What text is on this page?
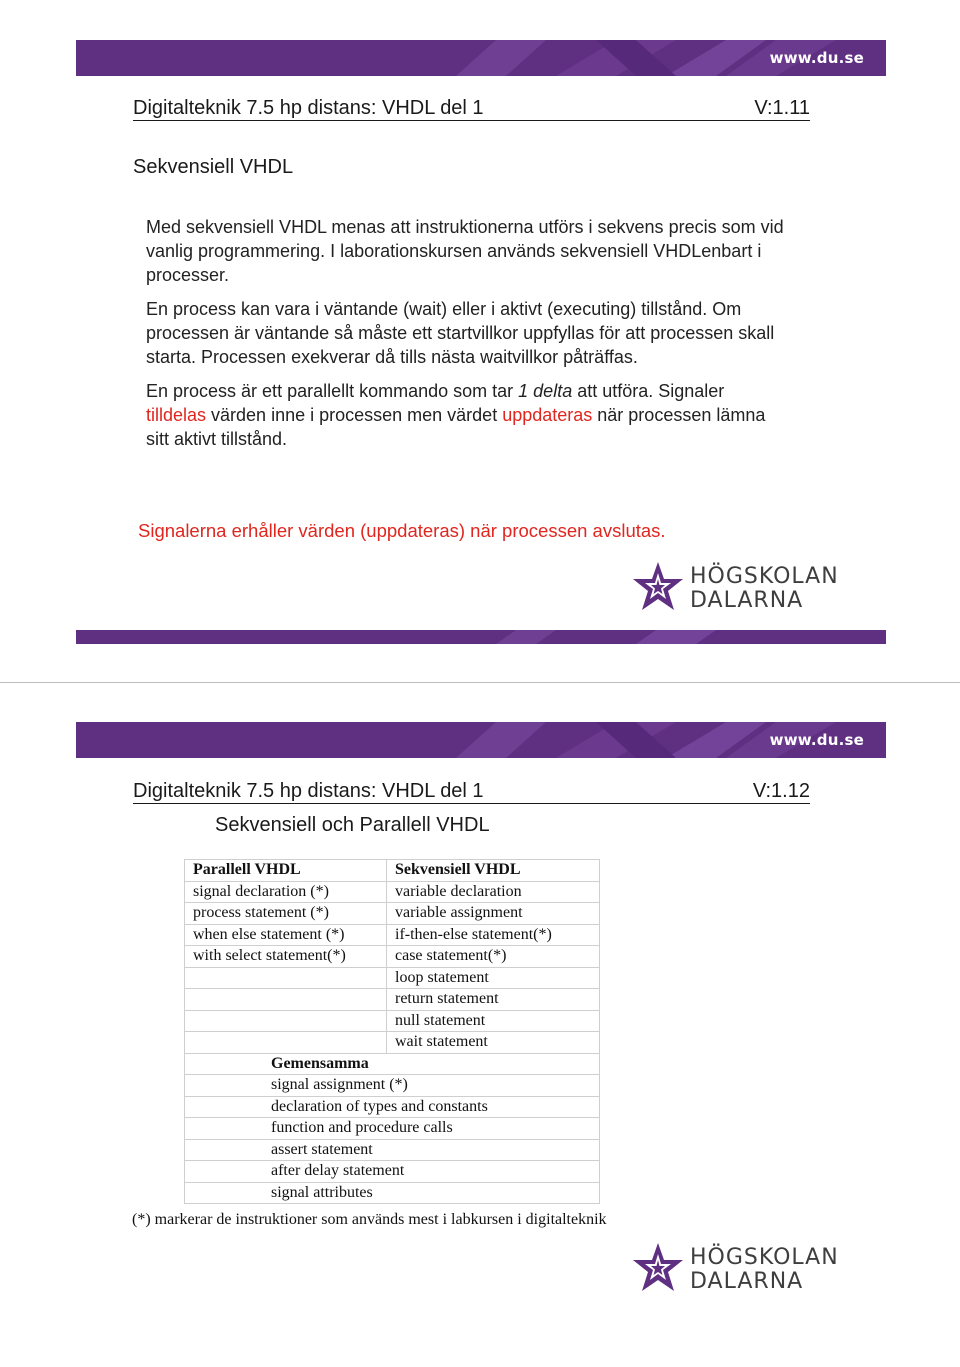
www.du.se
Digitalteknik 7.5 hp distans: VHDL del 1	V:1.11
Sekvensiell VHDL

Med sekvensiell VHDL menas att instruktionerna utförs i sekvens precis som vid vanlig programmering. I laborationskursen används sekvensiell VHDLenbart i processer.

En process kan vara i väntande (wait) eller i aktivt (executing) tillstånd. Om processen är väntande så måste ett startvillkor uppfyllas för att processen skall starta. Processen exekverar då tills nästa waitvillkor påträffas.

En process är ett parallellt kommando som tar 1 delta att utföra. Signaler tilldelas värden inne i processen men värdet uppdateras när processen lämna sitt aktivt tillstånd.

Signalerna erhåller värden (uppdateras) när processen avslutas.
HÖGSKOLAN
DALARNA
www.du.se
Digitalteknik 7.5 hp distans: VHDL del 1	V:1.12
Sekvensiell och Parallell VHDL
Parallell VHDL	Sekvensiell VHDL
signal declaration (*)	variable declaration
process statement (*)	variable assignment
when else statement (*)	if-then-else statement(*)
with select statement(*)	case statement(*)
	loop statement
	return statement
	null statement
	wait statement
Gemensamma	
signal assignment (*)	
declaration of types and constants	
function and procedure calls	
assert statement	
after delay statement	
signal attributes	
(*) markerar de instruktioner som används mest i labkursen i digitalteknik
HÖGSKOLAN
DALARNA
